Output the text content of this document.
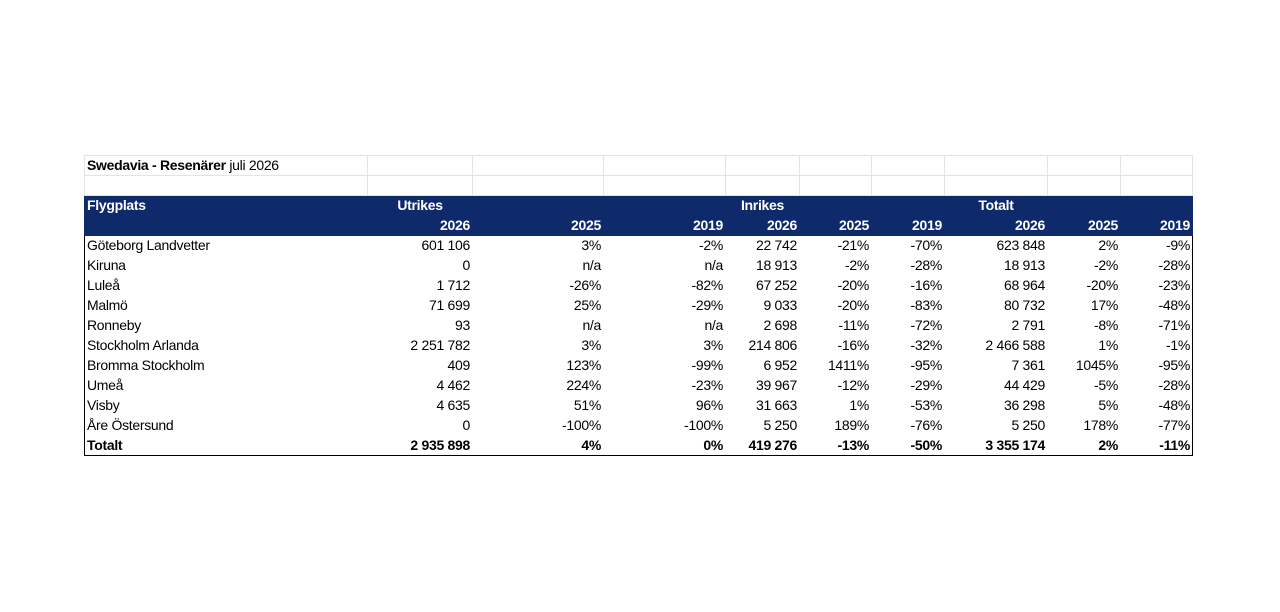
Swedavia - Resenärer juli 2026									

Flygplats	Utrikes			Inrikes			Totalt		
	2026	2025	2019	2026	2025	2019	2026	2025	2019
Göteborg Landvetter	601 106	3%	-2%	22 742	-21%	-70%	623 848	2%	-9%
Kiruna	0	n/a	n/a	18 913	-2%	-28%	18 913	-2%	-28%
Luleå	1 712	-26%	-82%	67 252	-20%	-16%	68 964	-20%	-23%
Malmö	71 699	25%	-29%	9 033	-20%	-83%	80 732	17%	-48%
Ronneby	93	n/a	n/a	2 698	-11%	-72%	2 791	-8%	-71%
Stockholm Arlanda	2 251 782	3%	3%	214 806	-16%	-32%	2 466 588	1%	-1%
Bromma Stockholm	409	123%	-99%	6 952	1411%	-95%	7 361	1045%	-95%
Umeå	4 462	224%	-23%	39 967	-12%	-29%	44 429	-5%	-28%
Visby	4 635	51%	96%	31 663	1%	-53%	36 298	5%	-48%
Åre Östersund	0	-100%	-100%	5 250	189%	-76%	5 250	178%	-77%
Totalt	2 935 898	4%	0%	419 276	-13%	-50%	3 355 174	2%	-11%
